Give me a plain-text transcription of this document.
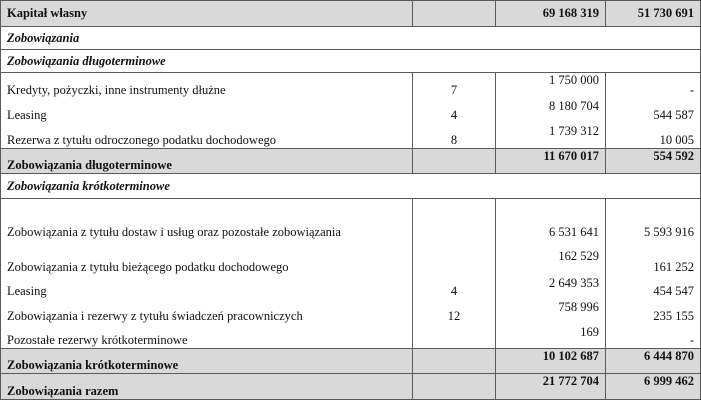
Kapitał własny		69 168 319	51 730 691
Zobowiązania			
Zobowiązania długoterminowe			
Kredyty, pożyczki, inne instrumenty dłużne	7	1 750 000	-
Leasing	4	8 180 704	544 587
Rezerwa z tytułu odroczonego podatku dochodowego	8	1 739 312	10 005
Zobowiązania długoterminowe		11 670 017	554 592
Zobowiązania krótkoterminowe			
Zobowiązania z tytułu dostaw i usług oraz pozostałe zobowiązania		6 531 641	5 593 916
Zobowiązania z tytułu bieżącego podatku dochodowego		162 529	161 252
Leasing	4	2 649 353	454 547
Zobowiązania i rezerwy z tytułu świadczeń pracowniczych	12	758 996	235 155
Pozostałe rezerwy krótkoterminowe		169	-
Zobowiązania krótkoterminowe		10 102 687	6 444 870
Zobowiązania razem		21 772 704	6 999 462
